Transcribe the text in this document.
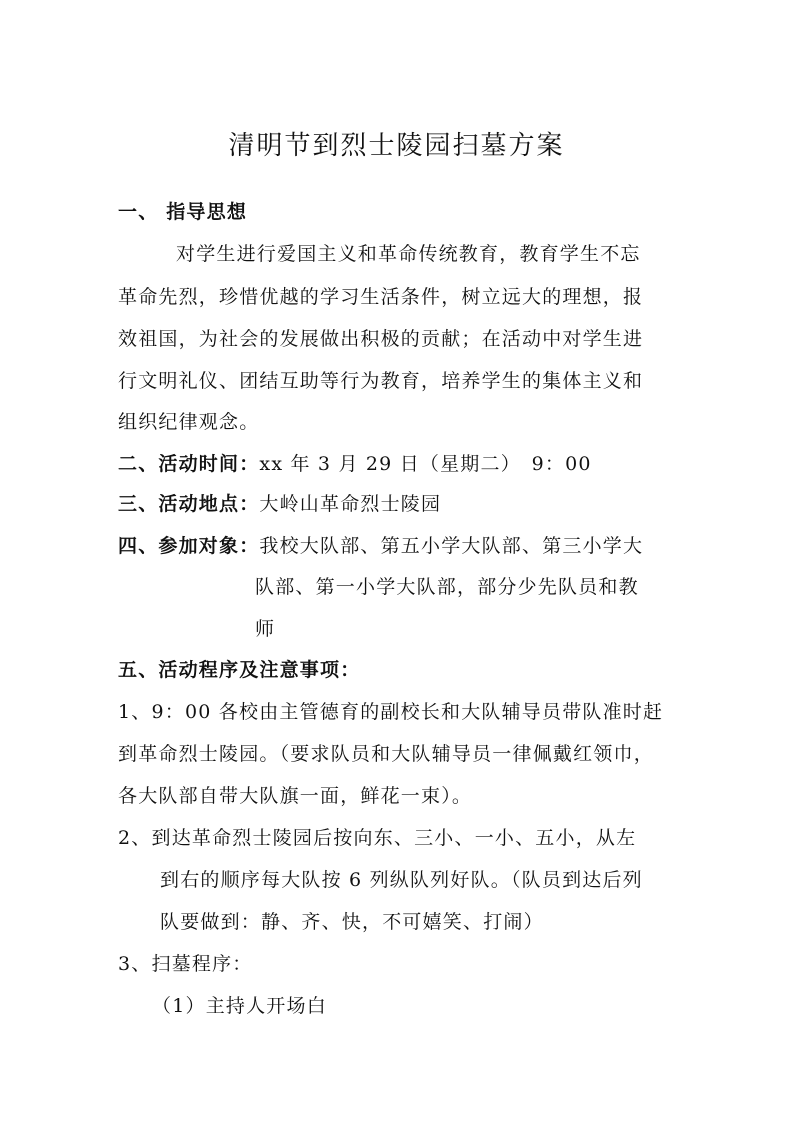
清明节到烈士陵园扫墓方案
一、 指导思想
对学生进行爱国主义和革命传统教育，教育学生不忘
革命先烈，珍惜优越的学习生活条件，树立远大的理想，报
效祖国，为社会的发展做出积极的贡献；在活动中对学生进
行文明礼仪、团结互助等行为教育，培养学生的集体主义和
组织纪律观念。
二、活动时间：xx 年 3 月 29 日（星期二）　9：00
三、活动地点：大岭山革命烈士陵园
四、参加对象：我校大队部、第五小学大队部、第三小学大
队部、第一小学大队部，部分少先队员和教
师
五、活动程序及注意事项：
1、9：00 各校由主管德育的副校长和大队辅导员带队准时赶
到革命烈士陵园。（要求队员和大队辅导员一律佩戴红领巾，
各大队部自带大队旗一面，鲜花一束）。
2、到达革命烈士陵园后按向东、三小、一小、五小，从左
到右的顺序每大队按 6 列纵队列好队。（队员到达后列
队要做到：静、齐、快，不可嬉笑、打闹）
3、扫墓程序：
（1）主持人开场白
